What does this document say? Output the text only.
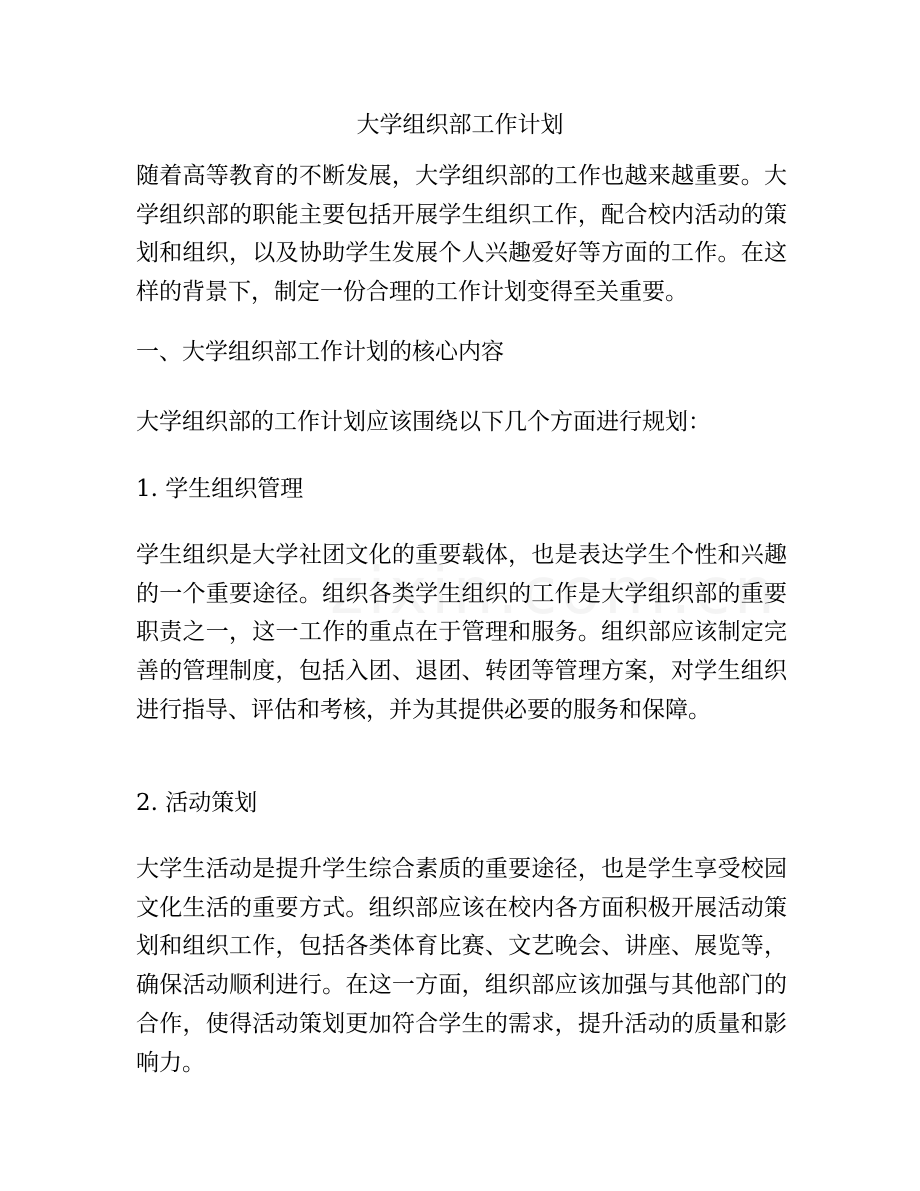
大学组织部工作计划

随着高等教育的不断发展，大学组织部的工作也越来越重要。大学组织部的职能主要包括开展学生组织工作，配合校内活动的策划和组织，以及协助学生发展个人兴趣爱好等方面的工作。在这样的背景下，制定一份合理的工作计划变得至关重要。

一、大学组织部工作计划的核心内容

大学组织部的工作计划应该围绕以下几个方面进行规划：

1. 学生组织管理

学生组织是大学社团文化的重要载体，也是表达学生个性和兴趣的一个重要途径。组织各类学生组织的工作是大学组织部的重要职责之一，这一工作的重点在于管理和服务。组织部应该制定完善的管理制度，包括入团、退团、转团等管理方案，对学生组织进行指导、评估和考核，并为其提供必要的服务和保障。

2. 活动策划

大学生活动是提升学生综合素质的重要途径，也是学生享受校园文化生活的重要方式。组织部应该在校内各方面积极开展活动策划和组织工作，包括各类体育比赛、文艺晚会、讲座、展览等，确保活动顺利进行。在这一方面，组织部应该加强与其他部门的合作，使得活动策划更加符合学生的需求，提升活动的质量和影响力。
